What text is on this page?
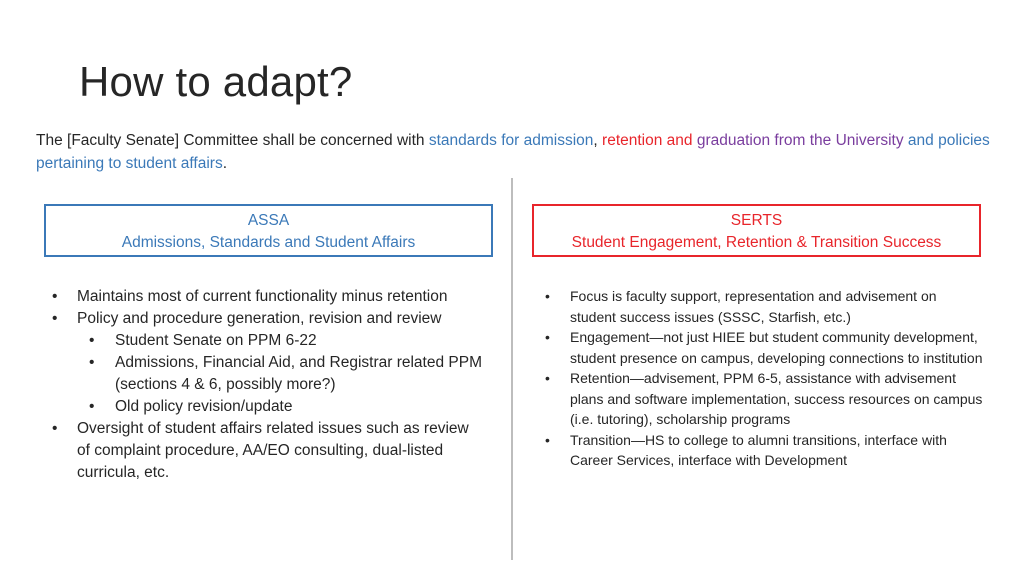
How to adapt?
The [Faculty Senate] Committee shall be concerned with standards for admission, retention and graduation from the University and policies pertaining to student affairs.
ASSA
Admissions, Standards and Student Affairs
SERTS
Student Engagement, Retention & Transition Success
• Maintains most of current functionality minus retention
• Policy and procedure generation, revision and review
• Student Senate on PPM 6-22
• Admissions, Financial Aid, and Registrar related PPM (sections 4 & 6, possibly more?)
• Old policy revision/update
• Oversight of student affairs related issues such as review of complaint procedure, AA/EO consulting, dual-listed curricula, etc.
• Focus is faculty support, representation and advisement on student success issues (SSSC, Starfish, etc.)
• Engagement—not just HIEE but student community development, student presence on campus, developing connections to institution
• Retention—advisement, PPM 6-5, assistance with advisement plans and software implementation, success resources on campus (i.e. tutoring), scholarship programs
• Transition—HS to college to alumni transitions, interface with Career Services, interface with Development
